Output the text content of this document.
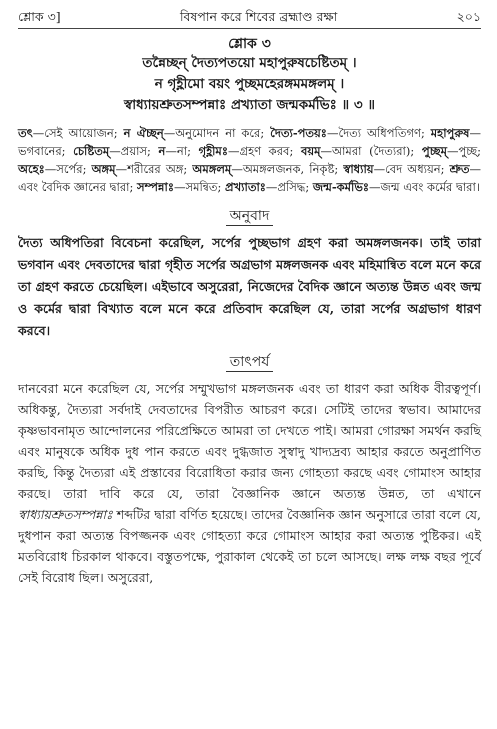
শ্লোক ৩]	বিষপান করে শিবের ব্রহ্মাণ্ড রক্ষা	২০১
শ্লোক ৩
তন্নৈচ্ছন্ দৈত্যপতয়ো মহাপুরুষচেষ্টিতম্ ।
ন গৃহ্ণীমো বয়ং পুচ্ছমহেরঙ্গমমঙ্গলম্ ।
স্বাধ্যায়শ্রুতসম্পন্নাঃ প্রখ্যাতা জন্মকর্মভিঃ ॥ ৩ ॥

তৎ—সেই আয়োজন; ন ঐচ্ছন্—অনুমোদন না করে; দৈত্য-পতয়ঃ—দৈত্য অধিপতিগণ; মহাপুরুষ—ভগবানের; চেষ্টিতম্—প্রয়াস; ন—না; গৃহ্ণীমঃ—গ্রহণ করব; বয়ম্—আমরা (দৈত্যরা); পুচ্ছম্—পুচ্ছ; অহেঃ—সর্পের; অঙ্গম্—শরীরের অঙ্গ; অমঙ্গলম্—অমঙ্গলজনক, নিকৃষ্ট; স্বাধ্যায়—বেদ অধ্যয়ন; শ্রুত—এবং বৈদিক জ্ঞানের দ্বারা; সম্পন্নাঃ—সমন্বিত; প্রখ্যাতাঃ—প্রসিদ্ধ; জন্ম-কর্মভিঃ—জন্ম এবং কর্মের দ্বারা।

অনুবাদ

দৈত্য অধিপতিরা বিবেচনা করেছিল, সর্পের পুচ্ছভাগ গ্রহণ করা অমঙ্গলজনক। তাই তারা ভগবান এবং দেবতাদের দ্বারা গৃহীত সর্পের অগ্রভাগ মঙ্গলজনক এবং মহিমান্বিত বলে মনে করে তা গ্রহণ করতে চেয়েছিল। এইভাবে অসুরেরা, নিজেদের বৈদিক জ্ঞানে অত্যন্ত উন্নত এবং জন্ম ও কর্মের দ্বারা বিখ্যাত বলে মনে করে প্রতিবাদ করেছিল যে, তারা সর্পের অগ্রভাগ ধারণ করবে।

তাৎপর্য

দানবেরা মনে করেছিল যে, সর্পের সম্মুখভাগ মঙ্গলজনক এবং তা ধারণ করা অধিক বীরত্বপূর্ণ। অধিকন্তু, দৈত্যরা সর্বদাই দেবতাদের বিপরীত আচরণ করে। সেটিই তাদের স্বভাব। আমাদের কৃষ্ণভাবনামৃত আন্দোলনের পরিপ্রেক্ষিতে আমরা তা দেখতে পাই। আমরা গোরক্ষা সমর্থন করছি এবং মানুষকে অধিক দুধ পান করতে এবং দুগ্ধজাত সুস্বাদু খাদ্যদ্রব্য আহার করতে অনুপ্রাণিত করছি, কিন্তু দৈত্যরা এই প্রস্তাবের বিরোধিতা করার জন্য গোহত্যা করছে এবং গোমাংস আহার করছে। তারা দাবি করে যে, তারা বৈজ্ঞানিক জ্ঞানে অত্যন্ত উন্নত, তা এখানে স্বাধ্যায়শ্রুতসম্পন্নাঃ শব্দটির দ্বারা বর্ণিত হয়েছে। তাদের বৈজ্ঞানিক জ্ঞান অনুসারে তারা বলে যে, দুধপান করা অত্যন্ত বিপজ্জনক এবং গোহত্যা করে গোমাংস আহার করা অত্যন্ত পুষ্টিকর। এই মতবিরোধ চিরকাল থাকবে। বস্তুতপক্ষে, পুরাকাল থেকেই তা চলে আসছে। লক্ষ লক্ষ বছর পূর্বে সেই বিরোধ ছিল। অসুরেরা,
